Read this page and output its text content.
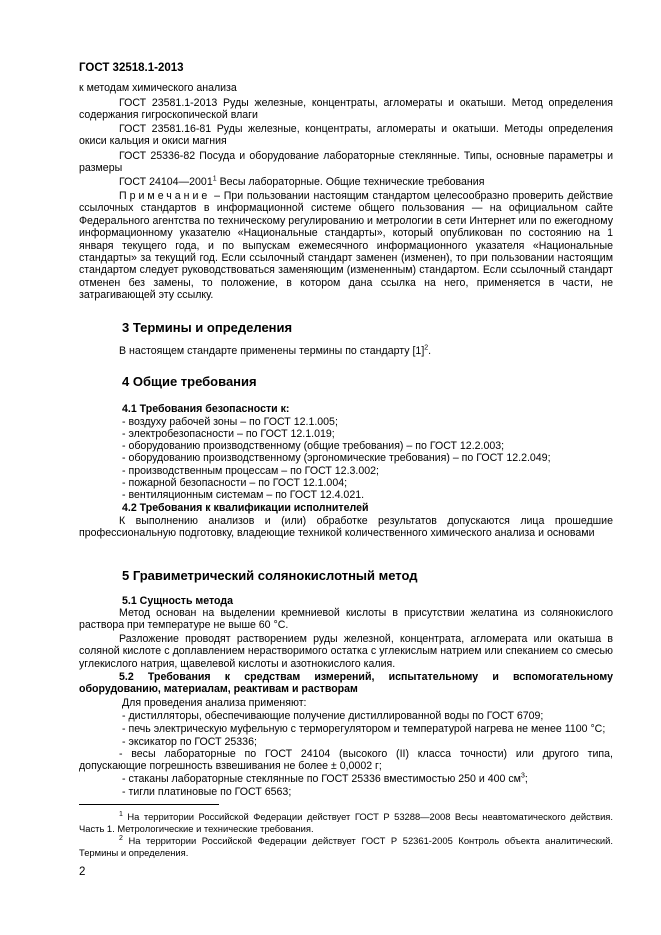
ГОСТ 32518.1-2013

к методам химического анализа

ГОСТ 23581.1-2013 Руды железные, концентраты, агломераты и окатыши. Метод определения содержания гигроскопической влаги

ГОСТ 23581.16-81 Руды железные, концентраты, агломераты и окатыши. Методы определения окиси кальция и окиси магния

ГОСТ 25336-82 Посуда и оборудование лабораторные стеклянные. Типы, основные параметры и размеры

ГОСТ 24104—2001$^1$ Весы лабораторные. Общие технические требования

Примечание – При пользовании настоящим стандартом целесообразно проверить действие ссылочных стандартов в информационной системе общего пользования — на официальном сайте Федерального агентства по техническому регулированию и метрологии в сети Интернет или по ежегодному информационному указателю «Национальные стандарты», который опубликован по состоянию на 1 января текущего года, и по выпускам ежемесячного информационного указателя «Национальные стандарты» за текущий год. Если ссылочный стандарт заменен (изменен), то при пользовании настоящим стандартом следует руководствоваться заменяющим (измененным) стандартом. Если ссылочный стандарт отменен без замены, то положение, в котором дана ссылка на него, применяется в части, не затрагивающей эту ссылку.

3 Термины и определения

В настоящем стандарте применены термины по стандарту $[1]^2$.

4 Общие требования

4.1 Требования безопасности к:

- воздуху рабочей зоны – по ГОСТ 12.1.005;

- электробезопасности – по ГОСТ 12.1.019;

- оборудованию производственному (общие требования) – по ГОСТ 12.2.003;

- оборудованию производственному (эргономические требования) – по ГОСТ 12.2.049;

- производственным процессам – по ГОСТ 12.3.002;

- пожарной безопасности – по ГОСТ 12.1.004;

- вентиляционным системам – по ГОСТ 12.4.021.

4.2 Требования к квалификации исполнителей

К выполнению анализов и (или) обработке результатов допускаются лица прошедшие профессиональную подготовку, владеющие техникой количественного химического анализа и основами

5 Гравиметрический солянокислотный метод

5.1 Сущность метода

Метод основан на выделении кремниевой кислоты в присутствии желатина из солянокислого раствора при температуре не выше 60 °С.

Разложение проводят растворением руды железной, концентрата, агломерата или окатыша в соляной кислоте с доплавлением нерастворимого остатка с углекислым натрием или спеканием со смесью углекислого натрия, щавелевой кислоты и азотнокислого калия.

5.2 Требования к средствам измерений, испытательному и вспомогательному оборудованию, материалам, реактивам и растворам

Для проведения анализа применяют:

- дистилляторы, обеспечивающие получение дистиллированной воды по ГОСТ 6709;

- печь электрическую муфельную с терморегулятором и температурой нагрева не менее 1100 °С;

- эксикатор по ГОСТ 25336;

- весы лабораторные по ГОСТ 24104 (высокого (II) класса точности) или другого типа, допускающие погрешность взвешивания не более ± 0,0002 г;

- стаканы лабораторные стеклянные по ГОСТ 25336 вместимостью 250 и 400 $см^3$;

- тигли платиновые по ГОСТ 6563;

$^1$ На территории Российской Федерации действует ГОСТ Р 53288—2008 Весы неавтоматического действия. Часть 1. Метрологические и технические требования.

$^2$ На территории Российской Федерации действует ГОСТ Р 52361-2005 Контроль объекта аналитический. Термины и определения.

2
